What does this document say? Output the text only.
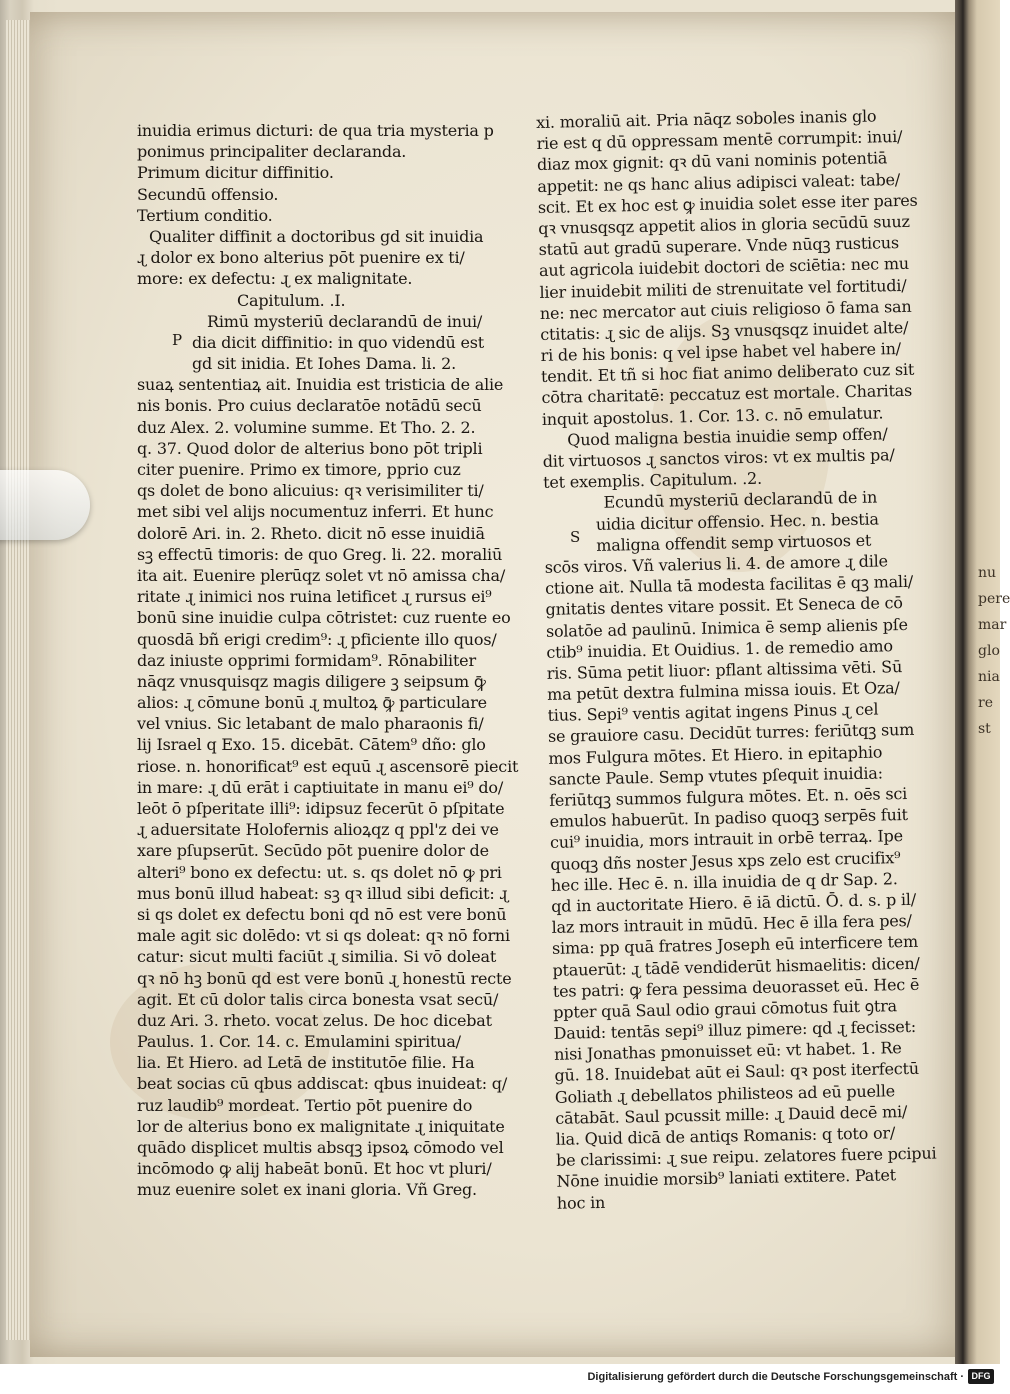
inuidia erimus dicturi: de qua tria mysteria p
ponimus principaliter declaranda.
Primum dicitur diffinitio.
Secundū offensio.
Tertium conditio.
Qualiter diffinit a doctoribus gd sit inuidia
ɻ dolor ex bono alterius pōt puenire ex ti/
more: ex defectu: ɻ ex malignitate.
Capitulum. .I.
Rimū mysteriū declarandū de inui/
dia dicit diffinitio: in quo videndū est
gd sit inidia. Et Iohes Dama. li. 2.
suaꝝ sententiaꝝ ait. Inuidia est tristicia de alie
nis bonis. Pro cuius declaratōe notādū secū
duz Alex. 2. volumine summe. Et Tho. 2. 2.
q. 37. Quod dolor de alterius bono pōt tripli
citer puenire. Primo ex timore, pprio cuz
qs dolet de bono alicuius: qꝛ verisimiliter ti/
met sibi vel alijs nocumentuz inferri. Et hunc
dolorē Ari. in. 2. Rheto. dicit nō esse inuidiā
sꝫ effectū timoris: de quo Greg. li. 22. moraliū
ita ait. Euenire plerūqz solet vt nō amissa cha/
ritate ɻ inimici nos ruina letificet ɻ rursus ei⁹
bonū sine inuidie culpa cōtristet: cuz ruente eo
quosdā bñ erigi credim⁹: ɻ pficiente illo quos/
daz iniuste opprimi formidam⁹. Rōnabiliter
nāqz vnusquisqz magis diligere ꝫ seipsum ꝙ̄
alios: ɻ cōmune bonū ɻ multoꝝ ꝙ̄ particulare
vel vnius. Sic letabant de malo pharaonis fi/
lij Israel q Exo. 15. dicebāt. Cātem⁹ dño: glo
riose. n. honorificat⁹ est equū ɻ ascensorē piecit
in mare: ɻ dū erāt i captiuitate in manu ei⁹ do/
leōt ō pſperitate illi⁹: idipsuz fecerūt ō pſpitate
ɻ aduersitate Holofernis alioꝝqz q ppl'z dei ve
xare pſupserūt. Secūdo pōt puenire dolor de
alteri⁹ bono ex defectu: ut. s. qs dolet nō ꝙ pri
mus bonū illud habeat: sꝫ qꝛ illud sibi deficit: ɻ
si qs dolet ex defectu boni qd nō est vere bonū
male agit sic dolēdo: vt si qs doleat: qꝛ nō forni
catur: sicut multi faciūt ɻ similia. Si vō doleat
qꝛ nō hꝫ bonū qd est vere bonū ɻ honestū recte
agit. Et cū dolor talis circa bonesta vsat secū/
duz Ari. 3. rheto. vocat zelus. De hoc dicebat
Paulus. 1. Cor. 14. c. Emulamini spiritua/
lia. Et Hiero. ad Letā de institutōe filie. Ha
beat socias cū qbus addiscat: qbus inuideat: q/
ruz laudib⁹ mordeat. Tertio pōt puenire do
lor de alterius bono ex malignitate ɻ iniquitate
quādo displicet multis absqꝫ ipsoꝝ cōmodo vel
incōmodo ꝙ alij habeāt bonū. Et hoc vt pluri/
muz euenire solet ex inani gloria. Vñ Greg.
P
xi. moraliū ait. Pria nāqz soboles inanis glo
rie est q dū oppressam mentē corrumpit: inui/
diaz mox gignit: qꝛ dū vani nominis potentiā
appetit: ne qs hanc alius adipisci valeat: tabe/
scit. Et ex hoc est ꝙ inuidia solet esse iter pares
qꝛ vnusqsqz appetit alios in gloria secūdū suuz
statū aut gradū superare. Vnde nūqꝫ rusticus
aut agricola iuidebit doctori de sciētia: nec mu
lier inuidebit militi de strenuitate vel fortitudi/
ne: nec mercator aut ciuis religioso ō fama san
ctitatis: ɻ sic de alijs. Sꝫ vnusqsqz inuidet alte/
ri de his bonis: q vel ipse habet vel habere in/
tendit. Et tñ si hoc fiat animo deliberato cuz sit
cōtra charitatē: peccatuz est mortale. Charitas
inquit apostolus. 1. Cor. 13. c. nō emulatur.
Quod maligna bestia inuidie semp offen/
dit virtuosos ɻ sanctos viros: vt ex multis pa/
tet exemplis. Capitulum. .2.
Ecundū mysteriū declarandū de in
uidia dicitur offensio. Hec. n. bestia
maligna offendit semp virtuosos et
scōs viros. Vñ valerius li. 4. de amore ɻ dile
ctione ait. Nulla tā modesta facilitas ē qꝫ mali/
gnitatis dentes vitare possit. Et Seneca de cō
solatōe ad paulinū. Inimica ē semp alienis pſe
ctib⁹ inuidia. Et Ouidius. 1. de remedio amo
ris. Sūma petit liuor: pflant altissima vēti. Sū
ma petūt dextra fulmina missa iouis. Et Oza/
tius. Sepi⁹ ventis agitat ingens Pinus ɻ cel
se grauiore casu. Decidūt turres: feriūtqꝫ sum
mos Fulgura mōtes. Et Hiero. in epitaphio
sancte Paule. Semp vtutes pſequit inuidia:
feriūtqꝫ summos fulgura mōtes. Et. n. oēs sci
emulos habuerūt. In padiso quoqꝫ serpēs fuit
cui⁹ inuidia, mors intrauit in orbē terraꝝ. Ipe
quoqꝫ dñs noster Jesus xps zelo est crucifix⁹
hec ille. Hec ē. n. illa inuidia de q dr Sap. 2.
qd in auctoritate Hiero. ē iā dictū. Ō. d. s. p il/
laz mors intrauit in mūdū. Hec ē illa fera pes/
sima: pp quā fratres Joseph eū interficere tem
ptauerūt: ɻ tādē vendiderūt hismaelitis: dicen/
tes patri: ꝙ fera pessima deuorasset eū. Hec ē
ppter quā Saul odio graui cōmotus fuit ꝯtra
Dauid: tentās sepi⁹ illuz pimere: qd ɻ fecisset:
nisi Jonathas pmonuisset eū: vt habet. 1. Re
gū. 18. Inuidebat aūt ei Saul: qꝛ post iterfectū
Goliath ɻ debellatos philisteos ad eū puelle
cātabāt. Saul pcussit mille: ɻ Dauid decē mi/
lia. Quid dicā de antiqs Romanis: q toto or/
be clarissimi: ɻ sue reipu. zelatores fuere pcipui
Nōne inuidie morsib⁹ laniati extitere. Patet
hoc in
S
nu
pere
mar
glo
nia
re
st
Digitalisierung gefördert durch die Deutsche Forschungsgemeinschaft · DFG
